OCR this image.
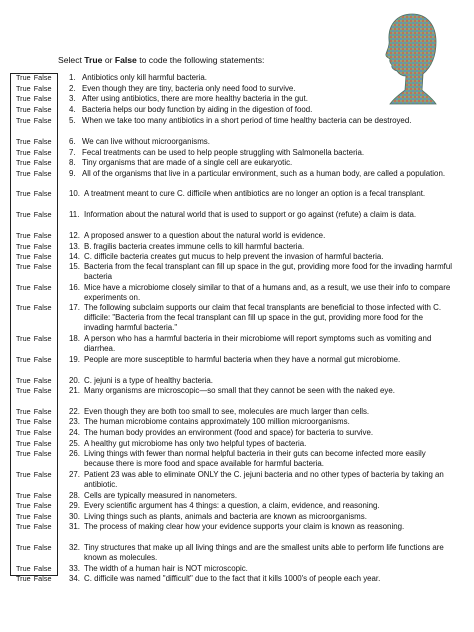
Select True or False to code the following statements:
True False 1. Antibiotics only kill harmful bacteria.
True False 2. Even though they are tiny, bacteria only need food to survive.
True False 3. After using antibiotics, there are more healthy bacteria in the gut.
True False 4. Bacteria helps our body function by aiding in the digestion of food.
True False 5. When we take too many antibiotics in a short period of time healthy bacteria can be destroyed.
True False 6. We can live without microorganisms.
True False 7. Fecal treatments can be used to help people struggling with Salmonella bacteria.
True False 8. Tiny organisms that are made of a single cell are eukaryotic.
True False 9. All of the organisms that live in a particular environment, such as a human body, are called a population.
True False 10. A treatment meant to cure C. difficile when antibiotics are no longer an option is a fecal transplant.
True False 11. Information about the natural world that is used to support or go against (refute) a claim is data.
True False 12. A proposed answer to a question about the natural world is evidence.
True False 13. B. fragilis bacteria creates immune cells to kill harmful bacteria.
True False 14. C. difficile bacteria creates gut mucus to help prevent the invasion of harmful bacteria.
True False 15. Bacteria from the fecal transplant can fill up space in the gut, providing more food for the invading harmful bacteria
True False 16. Mice have a microbiome closely similar to that of a humans and, as a result, we use their info to compare experiments on.
True False 17. The following subclaim supports our claim that fecal transplants are beneficial to those infected with C. difficile: "Bacteria from the fecal transplant can fill up space in the gut, providing more food for the invading harmful bacteria."
True False 18. A person who has a harmful bacteria in their microbiome will report symptoms such as vomiting and diarrhea.
True False 19. People are more susceptible to harmful bacteria when they have a normal gut microbiome.
True False 20. C. jejuni is a type of healthy bacteria.
True False 21. Many organisms are microscopic—so small that they cannot be seen with the naked eye.
True False 22. Even though they are both too small to see, molecules are much larger than cells.
True False 23. The human microbiome contains approximately 100 million microorganisms.
True False 24. The human body provides an environment (food and space) for bacteria to survive.
True False 25. A healthy gut microbiome has only two helpful types of bacteria.
True False 26. Living things with fewer than normal helpful bacteria in their guts can become infected more easily because there is more food and space available for harmful bacteria.
True False 27. Patient 23 was able to eliminate ONLY the C. jejuni bacteria and no other types of bacteria by taking an antibiotic.
True False 28. Cells are typically measured in nanometers.
True False 29. Every scientific argument has 4 things: a question, a claim, evidence, and reasoning.
True False 30. Living things such as plants, animals and bacteria are known as microorganisms.
True False 31. The process of making clear how your evidence supports your claim is known as reasoning.
True False 32. Tiny structures that make up all living things and are the smallest units able to perform life functions are known as molecules.
True False 33. The width of a human hair is NOT microscopic.
True False 34. C. difficile was named "difficult" due to the fact that it kills 1000's of people each year.
